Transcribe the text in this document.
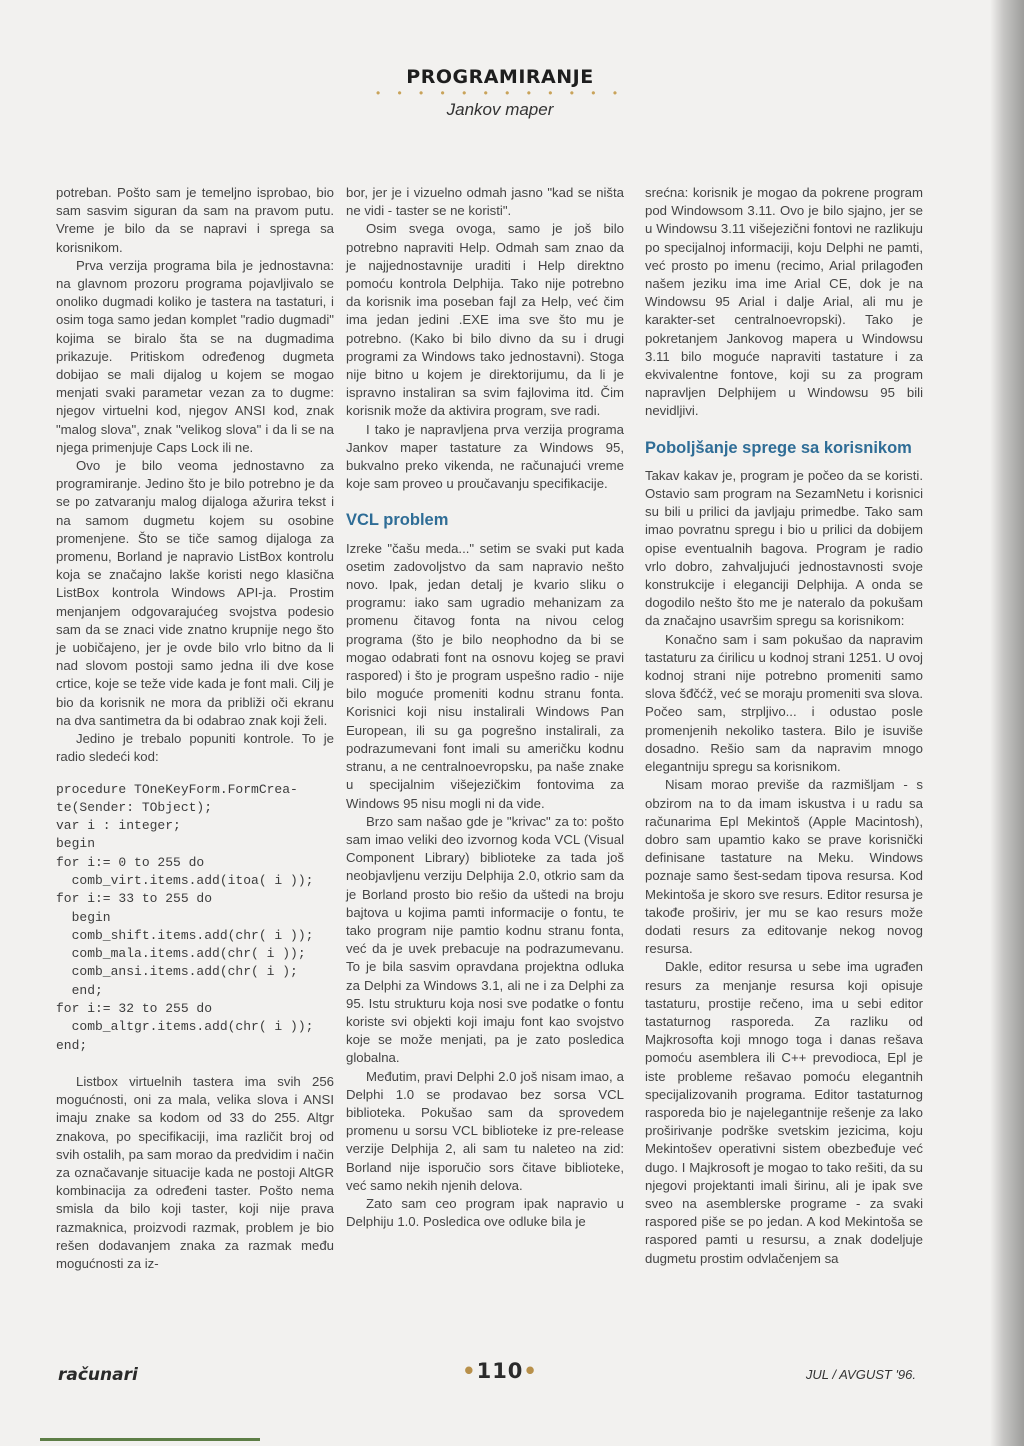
PROGRAMIRANJE
• • • • • • • • • • • •
Jankov maper

potreban. Pošto sam je temeljno isprobao, bio sam sasvim siguran da sam na pravom putu. Vreme je bilo da se napravi i sprega sa korisnikom.

Prva verzija programa bila je jednostavna: na glavnom prozoru programa pojavljivalo se onoliko dugmadi koliko je tastera na tastaturi, i osim toga samo jedan komplet "radio dugmadi" kojima se biralo šta se na dugmadima prikazuje. Pritiskom određenog dugmeta dobijao se mali dijalog u kojem se mogao menjati svaki parametar vezan za to dugme: njegov virtuelni kod, njegov ANSI kod, znak "malog slova", znak "velikog slova" i da li se na njega primenjuje Caps Lock ili ne.

Ovo je bilo veoma jednostavno za programiranje. Jedino što je bilo potrebno je da se po zatvaranju malog dijaloga ažurira tekst i na samom dugmetu kojem su osobine promenjene. Što se tiče samog dijaloga za promenu, Borland je napravio ListBox kontrolu koja se značajno lakše koristi nego klasična ListBox kontrola Windows API-ja. Prostim menjanjem odgovarajućeg svojstva podesio sam da se znaci vide znatno krupnije nego što je uobičajeno, jer je ovde bilo vrlo bitno da li nad slovom postoji samo jedna ili dve kose crtice, koje se teže vide kada je font mali. Cilj je bio da korisnik ne mora da približi oči ekranu na dva santimetra da bi odabrao znak koji želi.

Jedino je trebalo popuniti kontrole. To je radio sledeći kod:

procedure TOneKeyForm.FormCrea-
te(Sender: TObject);
var i : integer;
begin
for i:= 0 to 255 do
comb_virt.items.add(itoa( i ));
for i:= 33 to 255 do
begin
comb_shift.items.add(chr( i ));
comb_mala.items.add(chr( i ));
comb_ansi.items.add(chr( i );
end;
for i:= 32 to 255 do
comb_altgr.items.add(chr( i ));
end;

Listbox virtuelnih tastera ima svih 256 mogućnosti, oni za mala, velika slova i ANSI imaju znake sa kodom od 33 do 255. Altgr znakova, po specifikaciji, ima različit broj od svih ostalih, pa sam morao da predvidim i način za označavanje situacije kada ne postoji AltGR kombinacija za određeni taster. Pošto nema smisla da bilo koji taster, koji nije prava razmaknica, proizvodi razmak, problem je bio rešen dodavanjem znaka za razmak među mogućnosti za iz-

bor, jer je i vizuelno odmah jasno "kad se ništa ne vidi - taster se ne koristi".

Osim svega ovoga, samo je još bilo potrebno napraviti Help. Odmah sam znao da je najjednostavnije uraditi i Help direktno pomoću kontrola Delphija. Tako nije potrebno da korisnik ima poseban fajl za Help, već čim ima jedan jedini .EXE ima sve što mu je potrebno. (Kako bi bilo divno da su i drugi programi za Windows tako jednostavni). Stoga nije bitno u kojem je direktorijumu, da li je ispravno instaliran sa svim fajlovima itd. Čim korisnik može da aktivira program, sve radi.

I tako je napravljena prva verzija programa Jankov maper tastature za Windows 95, bukvalno preko vikenda, ne računajući vreme koje sam proveo u proučavanju specifikacije.

VCL problem

Izreke "čašu meda..." setim se svaki put kada osetim zadovoljstvo da sam napravio nešto novo. Ipak, jedan detalj je kvario sliku o programu: iako sam ugradio mehanizam za promenu čitavog fonta na nivou celog programa (što je bilo neophodno da bi se mogao odabrati font na osnovu kojeg se pravi raspored) i što je program uspešno radio - nije bilo moguće promeniti kodnu stranu fonta. Korisnici koji nisu instalirali Windows Pan European, ili su ga pogrešno instalirali, za podrazumevani font imali su američku kodnu stranu, a ne centralnoevropsku, pa naše znake u specijalnim višejezičkim fontovima za Windows 95 nisu mogli ni da vide.

Brzo sam našao gde je "krivac" za to: pošto sam imao veliki deo izvornog koda VCL (Visual Component Library) biblioteke za tada još neobjavljenu verziju Delphija 2.0, otkrio sam da je Borland prosto bio rešio da uštedi na broju bajtova u kojima pamti informacije o fontu, te tako program nije pamtio kodnu stranu fonta, već da je uvek prebacuje na podrazumevanu. To je bila sasvim opravdana projektna odluka za Delphi za Windows 3.1, ali ne i za Delphi za 95. Istu strukturu koja nosi sve podatke o fontu koriste svi objekti koji imaju font kao svojstvo koje se može menjati, pa je zato posledica globalna.

Međutim, pravi Delphi 2.0 još nisam imao, a Delphi 1.0 se prodavao bez sorsa VCL biblioteka. Pokušao sam da sprovedem promenu u sorsu VCL biblioteke iz pre-release verzije Delphija 2, ali sam tu naleteo na zid: Borland nije isporučio sors čitave biblioteke, već samo nekih njenih delova.

Zato sam ceo program ipak napravio u Delphiju 1.0. Posledica ove odluke bila je

srećna: korisnik je mogao da pokrene program pod Windowsom 3.11. Ovo je bilo sjajno, jer se u Windowsu 3.11 višejezični fontovi ne razlikuju po specijalnoj informaciji, koju Delphi ne pamti, već prosto po imenu (recimo, Arial prilagođen našem jeziku ima ime Arial CE, dok je na Windowsu 95 Arial i dalje Arial, ali mu je karakter-set centralnoevropski). Tako je pokretanjem Jankovog mapera u Windowsu 3.11 bilo moguće napraviti tastature i za ekvivalentne fontove, koji su za program napravljen Delphijem u Windowsu 95 bili nevidljivi.

Poboljšanje sprege sa korisnikom

Takav kakav je, program je počeo da se koristi. Ostavio sam program na SezamNetu i korisnici su bili u prilici da javljaju primedbe. Tako sam imao povratnu spregu i bio u prilici da dobijem opise eventualnih bagova. Program je radio vrlo dobro, zahvaljujući jednostavnosti svoje konstrukcije i eleganciji Delphija. A onda se dogodilo nešto što me je nateralo da pokušam da značajno usavršim spregu sa korisnikom:

Konačno sam i sam pokušao da napravim tastaturu za ćirilicu u kodnoj strani 1251. U ovoj kodnoj strani nije potrebno promeniti samo slova šđčćž, već se moraju promeniti sva slova. Počeo sam, strpljivo... i odustao posle promenjenih nekoliko tastera. Bilo je isuviše dosadno. Rešio sam da napravim mnogo elegantniju spregu sa korisnikom.

Nisam morao previše da razmišljam - s obzirom na to da imam iskustva i u radu sa računarima Epl Mekintoš (Apple Macintosh), dobro sam upamtio kako se prave korisnički definisane tastature na Meku. Windows poznaje samo šest-sedam tipova resursa. Kod Mekintoša je skoro sve resurs. Editor resursa je takođe proširiv, jer mu se kao resurs može dodati resurs za editovanje nekog novog resursa.

Dakle, editor resursa u sebe ima ugrađen resurs za menjanje resursa koji opisuje tastaturu, prostije rečeno, ima u sebi editor tastaturnog rasporeda. Za razliku od Majkrosofta koji mnogo toga i danas rešava pomoću asemblera ili C++ prevodioca, Epl je iste probleme rešavao pomoću elegantnih specijalizovanih programa. Editor tastaturnog rasporeda bio je najelegantnije rešenje za lako proširivanje podrške svetskim jezicima, koju Mekintošev operativni sistem obezbeđuje već dugo. I Majkrosoft je mogao to tako rešiti, da su njegovi projektanti imali širinu, ali je ipak sve sveo na asemblerske programe - za svaki raspored piše se po jedan. A kod Mekintoša se raspored pamti u resursu, a znak dodeljuje dugmetu prostim odvlačenjem sa

računari	•110•	JUL / AVGUST '96.
